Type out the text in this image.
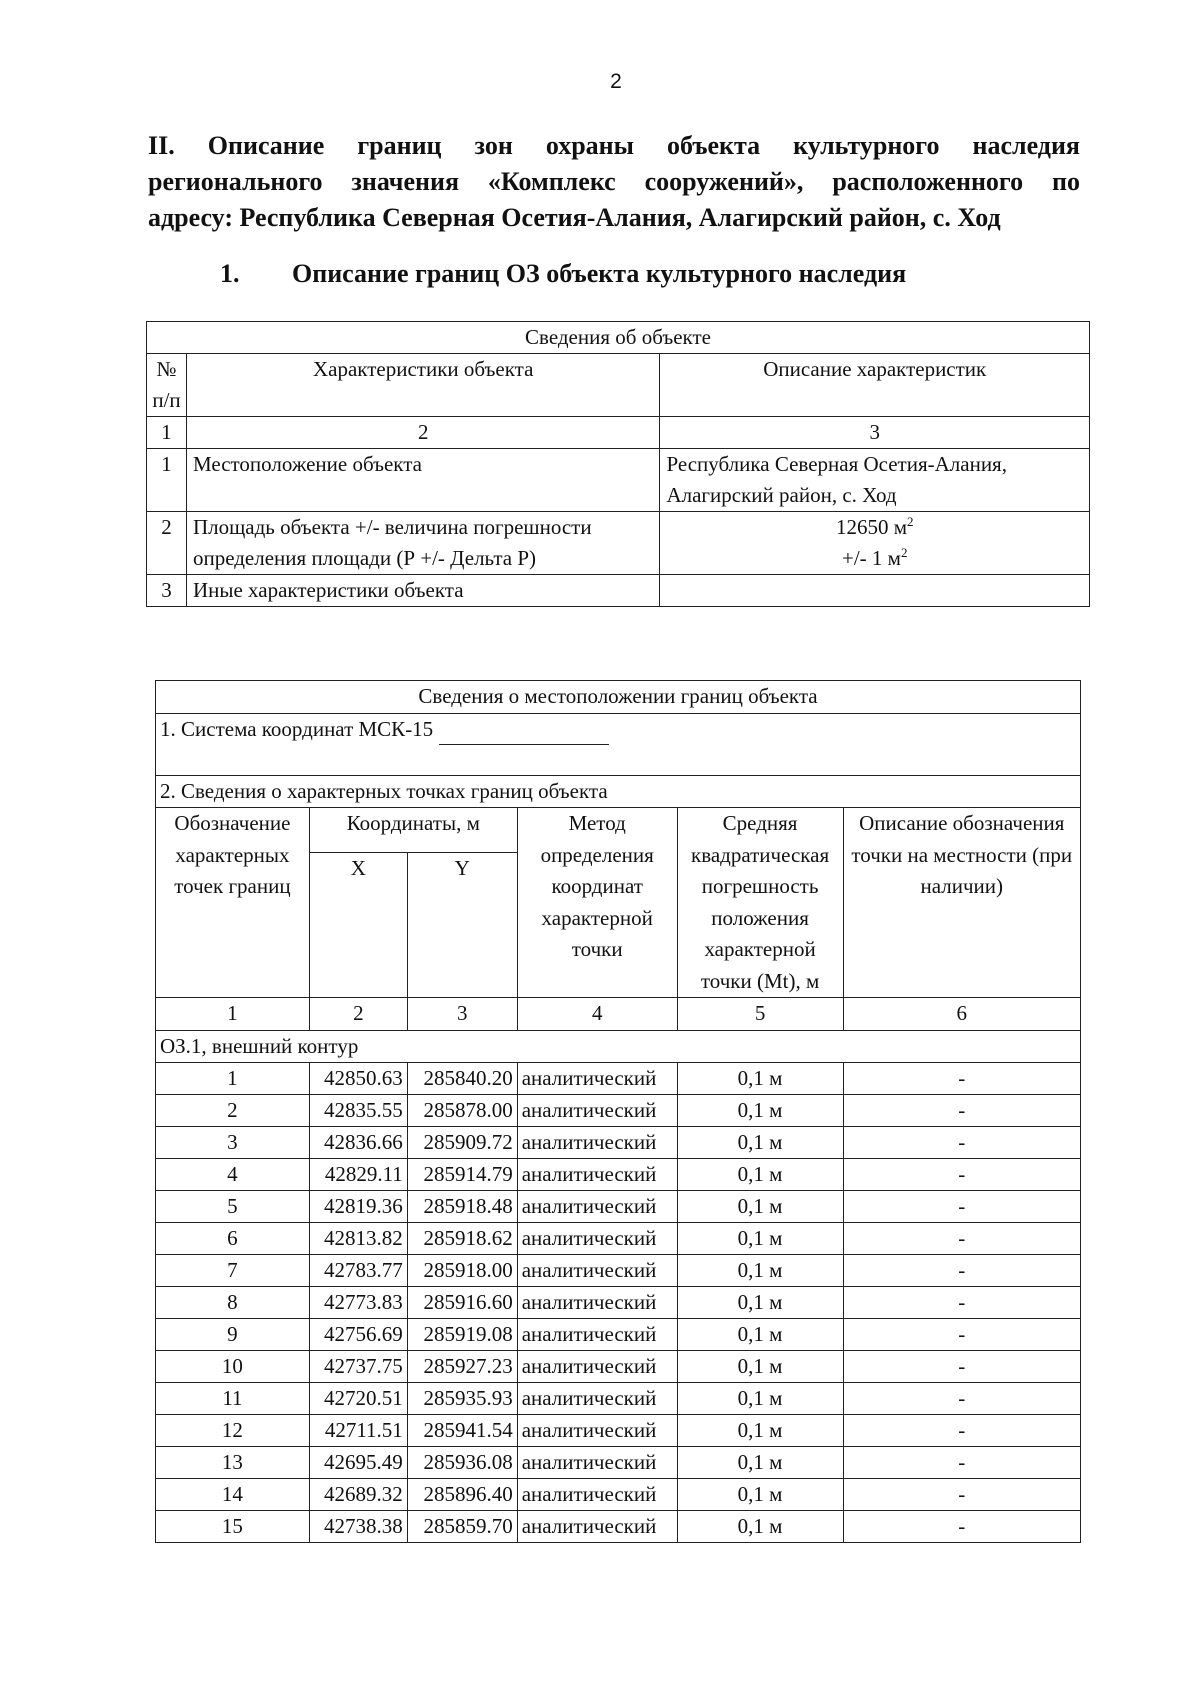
2
II. Описание границ зон охраны объекта культурного наследия
регионального значения «Комплекс сооружений», расположенного по
адресу: Республика Северная Осетия-Алания, Алагирский район, с. Ход
1. Описание границ ОЗ объекта культурного наследия
Сведения об объекте		
№ п/п	Характеристики объекта	Описание характеристик
1	2	3
1	Местоположение объекта	Республика Северная Осетия-Алания, Алагирский район, с. Ход
2	Площадь объекта +/- величина погрешности определения площади (Р +/- Дельта Р)	12650 $м^2$
+/- 1 $м^2$
3	Иные характеристики объекта	
Сведения о местоположении границ объекта					
1. Система координат МСК-15					
2. Сведения о характерных точках границ объекта					
Обозначение характерных точек границ	Координаты, м		Метод определения координат характерной точки	Средняя квадратическая погрешность положения характерной точки (Mt), м	Описание обозначения точки на местности (при наличии)
	X	Y			
1	2	3	4	5	6
ОЗ.1, внешний контур					
1	42850.63	285840.20	аналитический	0,1 м	-
2	42835.55	285878.00	аналитический	0,1 м	-
3	42836.66	285909.72	аналитический	0,1 м	-
4	42829.11	285914.79	аналитический	0,1 м	-
5	42819.36	285918.48	аналитический	0,1 м	-
6	42813.82	285918.62	аналитический	0,1 м	-
7	42783.77	285918.00	аналитический	0,1 м	-
8	42773.83	285916.60	аналитический	0,1 м	-
9	42756.69	285919.08	аналитический	0,1 м	-
10	42737.75	285927.23	аналитический	0,1 м	-
11	42720.51	285935.93	аналитический	0,1 м	-
12	42711.51	285941.54	аналитический	0,1 м	-
13	42695.49	285936.08	аналитический	0,1 м	-
14	42689.32	285896.40	аналитический	0,1 м	-
15	42738.38	285859.70	аналитический	0,1 м	-
